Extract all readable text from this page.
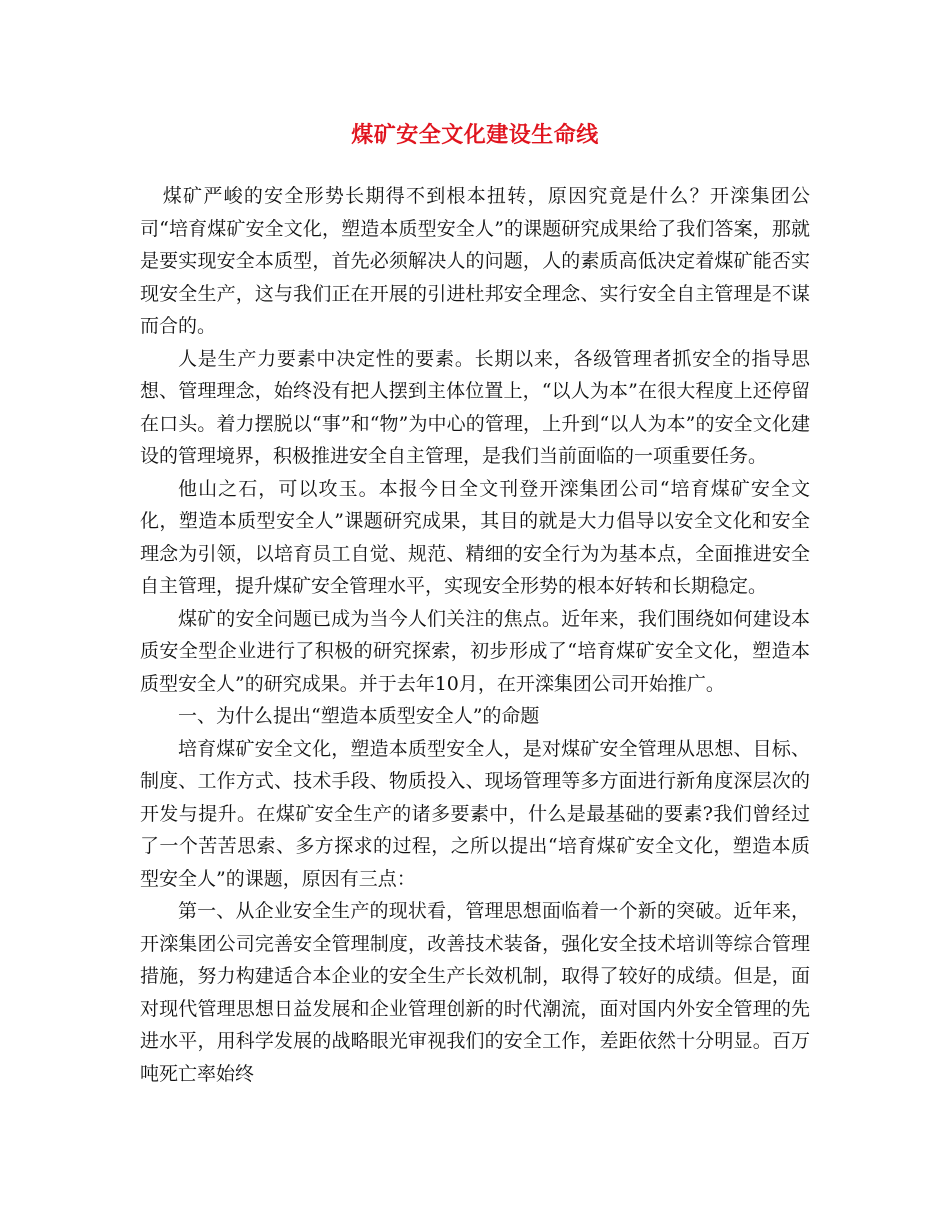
煤矿安全文化建设生命线

煤矿严峻的安全形势长期得不到根本扭转，原因究竟是什么？开滦集团公司“培育煤矿安全文化，塑造本质型安全人”的课题研究成果给了我们答案，那就是要实现安全本质型，首先必须解决人的问题，人的素质高低决定着煤矿能否实现安全生产，这与我们正在开展的引进杜邦安全理念、实行安全自主管理是不谋而合的。

人是生产力要素中决定性的要素。长期以来，各级管理者抓安全的指导思想、管理理念，始终没有把人摆到主体位置上，“以人为本”在很大程度上还停留在口头。着力摆脱以“事”和“物”为中心的管理，上升到“以人为本”的安全文化建设的管理境界，积极推进安全自主管理，是我们当前面临的一项重要任务。

他山之石，可以攻玉。本报今日全文刊登开滦集团公司“培育煤矿安全文化，塑造本质型安全人”课题研究成果，其目的就是大力倡导以安全文化和安全理念为引领，以培育员工自觉、规范、精细的安全行为为基本点，全面推进安全自主管理，提升煤矿安全管理水平，实现安全形势的根本好转和长期稳定。

煤矿的安全问题已成为当今人们关注的焦点。近年来，我们围绕如何建设本质安全型企业进行了积极的研究探索，初步形成了“培育煤矿安全文化，塑造本质型安全人”的研究成果。并于去年10月，在开滦集团公司开始推广。

一、为什么提出“塑造本质型安全人”的命题

培育煤矿安全文化，塑造本质型安全人，是对煤矿安全管理从思想、目标、制度、工作方式、技术手段、物质投入、现场管理等多方面进行新角度深层次的开发与提升。在煤矿安全生产的诸多要素中，什么是最基础的要素?我们曾经过了一个苦苦思索、多方探求的过程，之所以提出“培育煤矿安全文化，塑造本质型安全人”的课题，原因有三点：

第一、从企业安全生产的现状看，管理思想面临着一个新的突破。近年来，开滦集团公司完善安全管理制度，改善技术装备，强化安全技术培训等综合管理措施，努力构建适合本企业的安全生产长效机制，取得了较好的成绩。但是，面对现代管理思想日益发展和企业管理创新的时代潮流，面对国内外安全管理的先进水平，用科学发展的战略眼光审视我们的安全工作，差距依然十分明显。百万吨死亡率始终
